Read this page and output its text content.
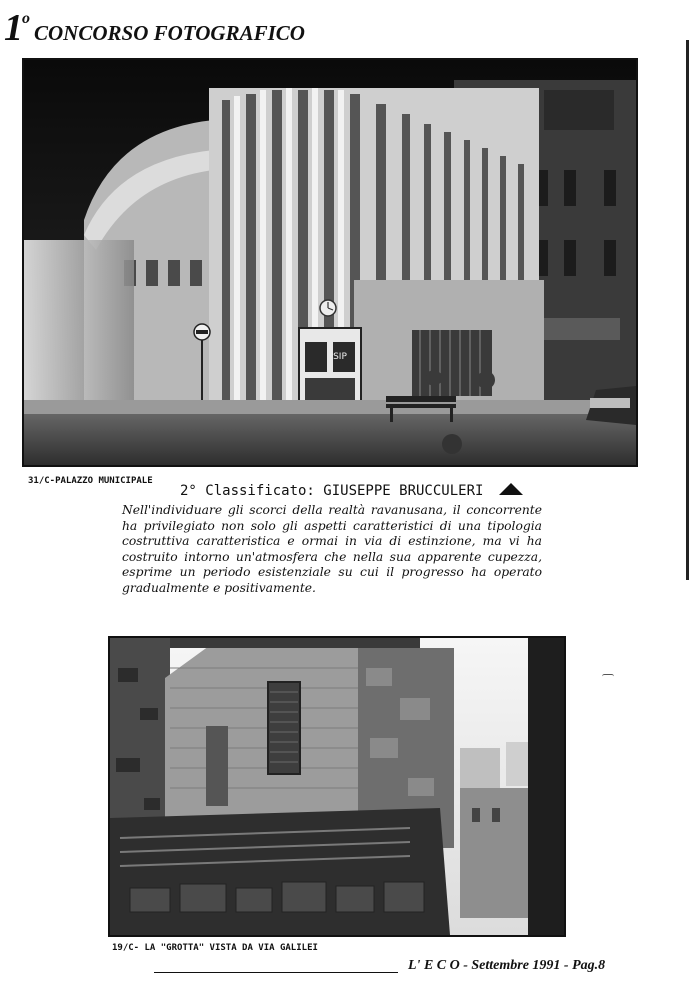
1oCONCORSO FOTOGRAFICO
SIP
31/C-PALAZZO MUNICIPALE
2° Classificato: GIUSEPPE BRUCCULERI
Nell'individuare gli scorci della realtà ravanusana, il concorrente ha privilegiato non solo gli aspetti caratteristici di una tipologia costruttiva caratteristica e ormai in via di estinzione, ma vi ha costruito intorno un'atmosfera che nella sua apparente cupezza, esprime un periodo esistenziale su cui il progresso ha operato gradualmente e positivamente.
19/C- LA "GROTTA" VISTA DA VIA GALILEI
L' E C O - Settembre 1991 - Pag.8
